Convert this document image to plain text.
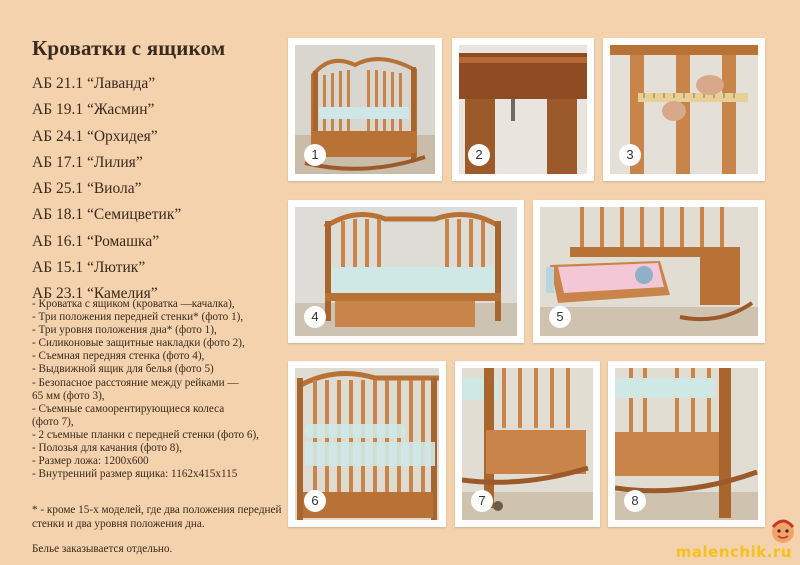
Кроватки с ящиком
АБ 21.1 “Лаванда”
АБ 19.1 “Жасмин”
АБ 24.1 “Орхидея”
АБ 17.1 “Лилия”
АБ 25.1 “Виола”
АБ 18.1 “Семицветик”
АБ 16.1 “Ромашка”
АБ 15.1 “Лютик”
АБ 23.1 “Камелия”
- Кроватка с ящиком (кроватка —качалка),
- Три положения передней стенки* (фото 1),
- Три уровня положения дна* (фото 1),
- Силиконовые защитные накладки (фото 2),
- Съемная передняя стенка (фото 4),
- Выдвижной ящик для белья (фото 5)
- Безопасное расстояние между рейками —
65 мм (фото 3),
- Съемные самоорентирующиеся колеса
(фото 7),
- 2 съемные планки с передней стенки (фото 6),
- Полозья для качания (фото 8),
- Размер ложа: 1200х600
- Внутренний размер ящика: 1162х415х115
* - кроме 15-х моделей, где два положения передней стенки и два уровня положения дна.
Белье заказывается отдельно.
1	2	3
4	5
6	7	8
malenchik.ru
